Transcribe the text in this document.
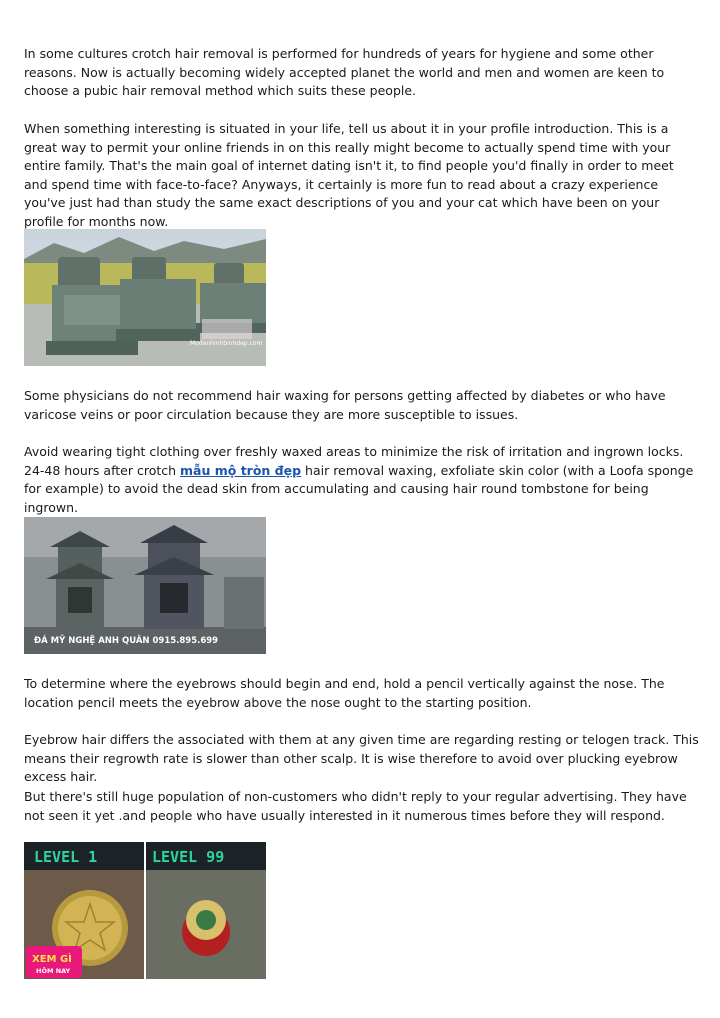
In some cultures crotch hair removal is performed for hundreds of years for hygiene and some other reasons. Now is actually becoming widely accepted planet the world and men and women are keen to choose a pubic hair removal method which suits these people.

When something interesting is situated in your life, tell us about it in your profile introduction. This is a great way to permit your online friends in on this really might become to actually spend time with your entire family. That's the main goal of internet dating isn't it, to find people you'd finally in order to meet and spend time with face-to-face? Anyways, it certainly is more fun to read about a crazy experience you've just had than study the same exact descriptions of you and your cat which have been on your profile for months now.

Modanhinhbinhdep.com

Some physicians do not recommend hair waxing for persons getting affected by diabetes or who have varicose veins or poor circulation because they are more susceptible to issues.

Avoid wearing tight clothing over freshly waxed areas to minimize the risk of irritation and ingrown locks. 24-48 hours after crotch mẫu mộ tròn đẹp hair removal waxing, exfoliate skin color (with a Loofa sponge for example) to avoid the dead skin from accumulating and causing hair round tombstone for being ingrown.

ĐÁ MỸ NGHỆ ANH QUÂN 0915.895.699

To determine where the eyebrows should begin and end, hold a pencil vertically against the nose. The location pencil meets the eyebrow above the nose ought to the starting position.

Eyebrow hair differs the associated with them at any given time are regarding resting or telogen track. This means their regrowth rate is slower than other scalp. It is wise therefore to avoid over plucking eyebrow excess hair.

But there's still huge population of non-customers who didn't reply to your regular advertising. They have not seen it yet .and people who have usually interested in it numerous times before they will respond.

LEVEL 1	LEVEL 99
XEM GÌ
HÔM NAY
